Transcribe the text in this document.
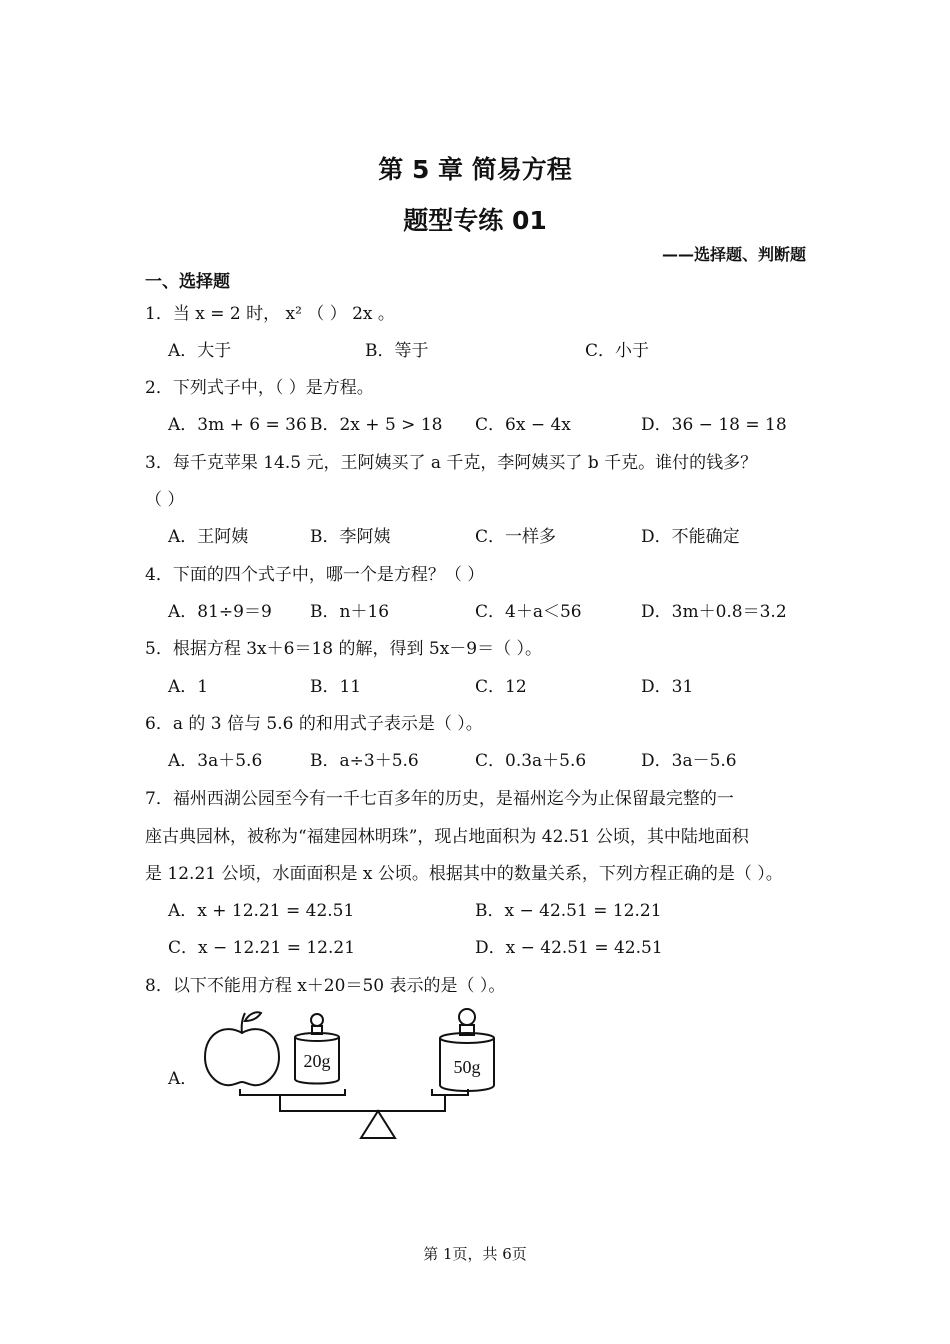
第 5 章 简易方程
题型专练 01
——选择题、判断题
一、选择题
1．当 x = 2 时， x² （ ） 2x 。
A．大于	B．等于	C．小于
2．下列式子中，（ ）是方程。
A．3m + 6 = 36 B．2x + 5 > 18 C．6x − 4x	D．36 − 18 = 18
3．每千克苹果 14.5 元，王阿姨买了 a 千克，李阿姨买了 b 千克。谁付的钱多？
（ ）
A．王阿姨	B．李阿姨	C．一样多	D．不能确定
4．下面的四个式子中，哪一个是方程？（ ）
A．81÷9＝9 B．n＋16	C．4＋a＜56	D．3m＋0.8＝3.2
5．根据方程 3x＋6＝18 的解，得到 5x－9＝（ ）。
A．1	B．11	C．12	D．31
6．a 的 3 倍与 5.6 的和用式子表示是（ ）。
A．3a＋5.6	B．a÷3＋5.6	C．0.3a＋5.6	D．3a－5.6
7．福州西湖公园至今有一千七百多年的历史，是福州迄今为止保留最完整的一
座古典园林，被称为“福建园林明珠”，现占地面积为 42.51 公顷，其中陆地面积
是 12.21 公顷，水面面积是 x 公顷。根据其中的数量关系，下列方程正确的是（ ）。
A．x + 12.21 = 42.51	B．x − 42.51 = 12.21
C．x − 12.21 = 12.21	D．x − 42.51 = 42.51
8．以下不能用方程 x＋20＝50 表示的是（ ）。
A．
20g	50g
第 1页，共 6页
